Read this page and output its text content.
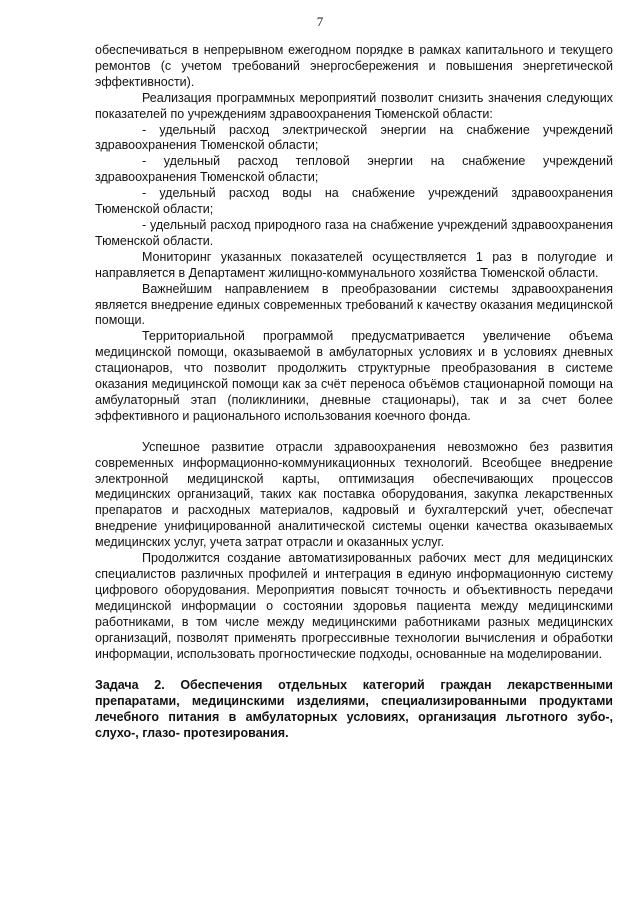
7

обеспечиваться в непрерывном ежегодном порядке в рамках капитального и текущего ремонтов (с учетом требований энергосбережения и повышения энергетической эффективности).

Реализация программных мероприятий позволит снизить значения следующих показателей по учреждениям здравоохранения Тюменской области:

- удельный расход электрической энергии на снабжение учреждений здравоохранения Тюменской области;

- удельный расход тепловой энергии на снабжение учреждений здравоохранения Тюменской области;

- удельный расход воды на снабжение учреждений здравоохранения Тюменской области;

- удельный расход природного газа на снабжение учреждений здравоохранения Тюменской области.

Мониторинг указанных показателей осуществляется 1 раз в полугодие и направляется в Департамент жилищно-коммунального хозяйства Тюменской области.

Важнейшим направлением в преобразовании системы здравоохранения является внедрение единых современных требований к качеству оказания медицинской помощи.

Территориальной программой предусматривается увеличение объема медицинской помощи, оказываемой в амбулаторных условиях и в условиях дневных стационаров, что позволит продолжить структурные преобразования в системе оказания медицинской помощи как за счёт переноса объёмов стационарной помощи на амбулаторный этап (поликлиники, дневные стационары), так и за счет более эффективного и рационального использования коечного фонда.

Успешное развитие отрасли здравоохранения невозможно без развития современных информационно-коммуникационных технологий. Всеобщее внедрение электронной медицинской карты, оптимизация обеспечивающих процессов медицинских организаций, таких как поставка оборудования, закупка лекарственных препаратов и расходных материалов, кадровый и бухгалтерский учет, обеспечат внедрение унифицированной аналитической системы оценки качества оказываемых медицинских услуг, учета затрат отрасли и оказанных услуг.

Продолжится создание автоматизированных рабочих мест для медицинских специалистов различных профилей и интеграция в единую информационную систему цифрового оборудования. Мероприятия повысят точность и объективность передачи медицинской информации о состоянии здоровья пациента между медицинскими работниками, в том числе между медицинскими работниками разных медицинских организаций, позволят применять прогрессивные технологии вычисления и обработки информации, использовать прогностические подходы, основанные на моделировании.

Задача 2. Обеспечения отдельных категорий граждан лекарственными препаратами, медицинскими изделиями, специализированными продуктами лечебного питания в амбулаторных условиях, организация льготного зубо-, слухо-, глазо- протезирования.
